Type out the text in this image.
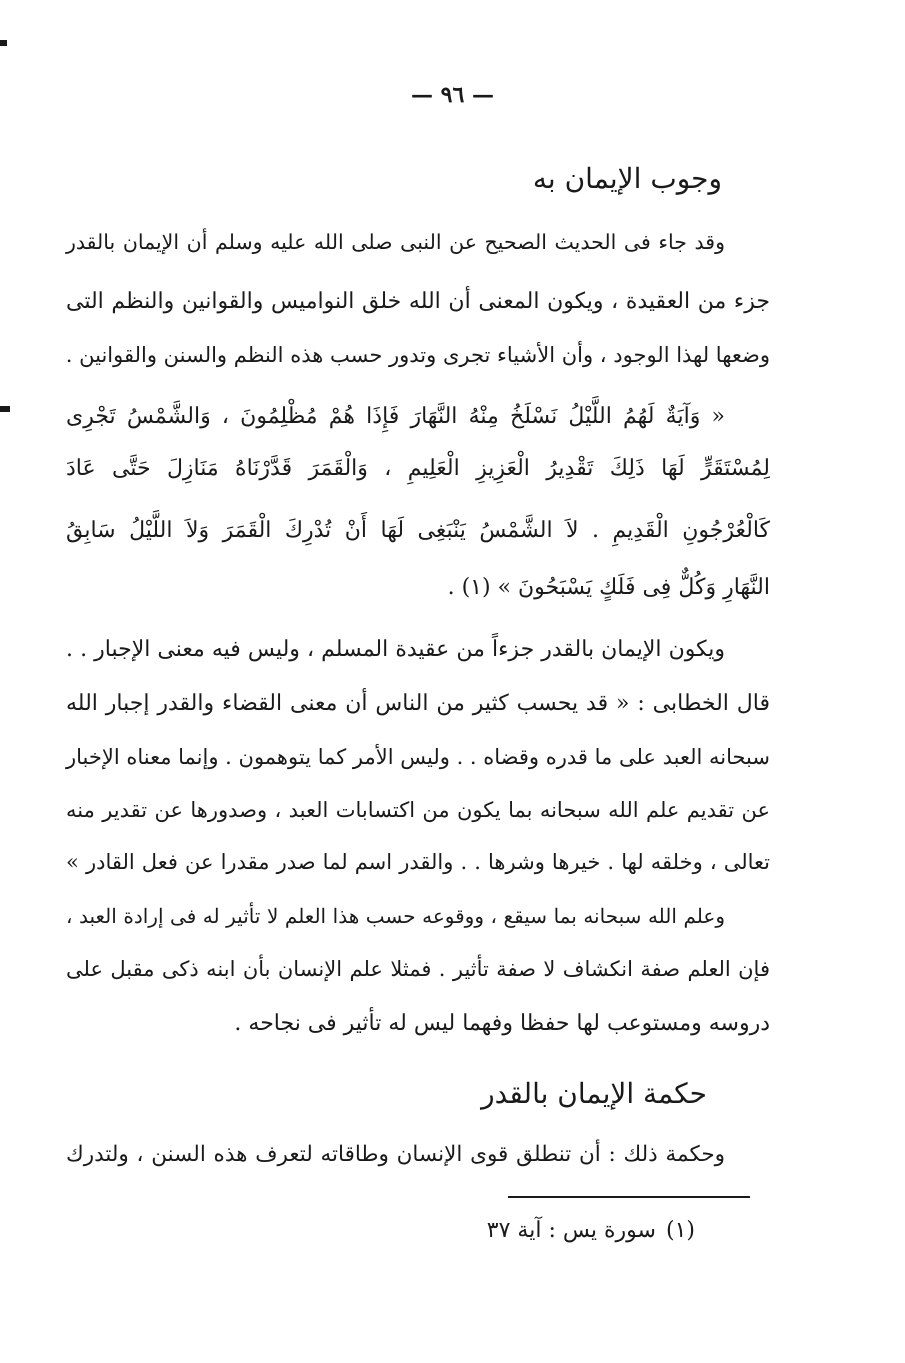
— ٩٦ —
وجوب الإيمان به
وقد جاء فى الحديث الصحيح عن النبى صلى الله عليه وسلم أن الإيمان بالقدر
جزء من العقيدة ، ويكون المعنى أن الله خلق النواميس والقوانين والنظم التى
وضعها لهذا الوجود ، وأن الأشياء تجرى وتدور حسب هذه النظم والسنن والقوانين .
« وَآيَةٌ لَهُمُ اللَّيْلُ نَسْلَخُ مِنْهُ النَّهَارَ فَإِذَا هُمْ مُظْلِمُونَ ، وَالشَّمْسُ تَجْرِى
لِمُسْتَقَرٍّ لَهَا ذَلِكَ تَقْدِيرُ الْعَزِيزِ الْعَلِيمِ ، وَالْقَمَرَ قَدَّرْنَاهُ مَنَازِلَ حَتَّى عَادَ
كَالْعُرْجُونِ الْقَدِيمِ . لاَ الشَّمْسُ يَنْبَغِى لَهَا أَنْ تُدْرِكَ الْقَمَرَ وَلاَ اللَّيْلُ سَابِقُ
النَّهَارِ وَكُلٌّ فِى فَلَكٍ يَسْبَحُونَ » (١) .
ويكون الإيمان بالقدر جزءاً من عقيدة المسلم ، وليس فيه معنى الإجبار . .
قال الخطابى : « قد يحسب كثير من الناس أن معنى القضاء والقدر إجبار الله
سبحانه العبد على ما قدره وقضاه . . وليس الأمر كما يتوهمون . وإنما معناه الإخبار
عن تقديم علم الله سبحانه بما يكون من اكتسابات العبد ، وصدورها عن تقدير منه
تعالى ، وخلقه لها . خيرها وشرها . . والقدر اسم لما صدر مقدرا عن فعل القادر »
وعلم الله سبحانه بما سيقع ، ووقوعه حسب هذا العلم لا تأثير له فى إرادة العبد ،
فإن العلم صفة انكشاف لا صفة تأثير . فمثلا علم الإنسان بأن ابنه ذكى مقبل على
دروسه ومستوعب لها حفظا وفهما ليس له تأثير فى نجاحه .
حكمة الإيمان بالقدر
وحكمة ذلك : أن تنطلق قوى الإنسان وطاقاته لتعرف هذه السنن ، ولتدرك
(١)سورة يس : آية ٣٧
